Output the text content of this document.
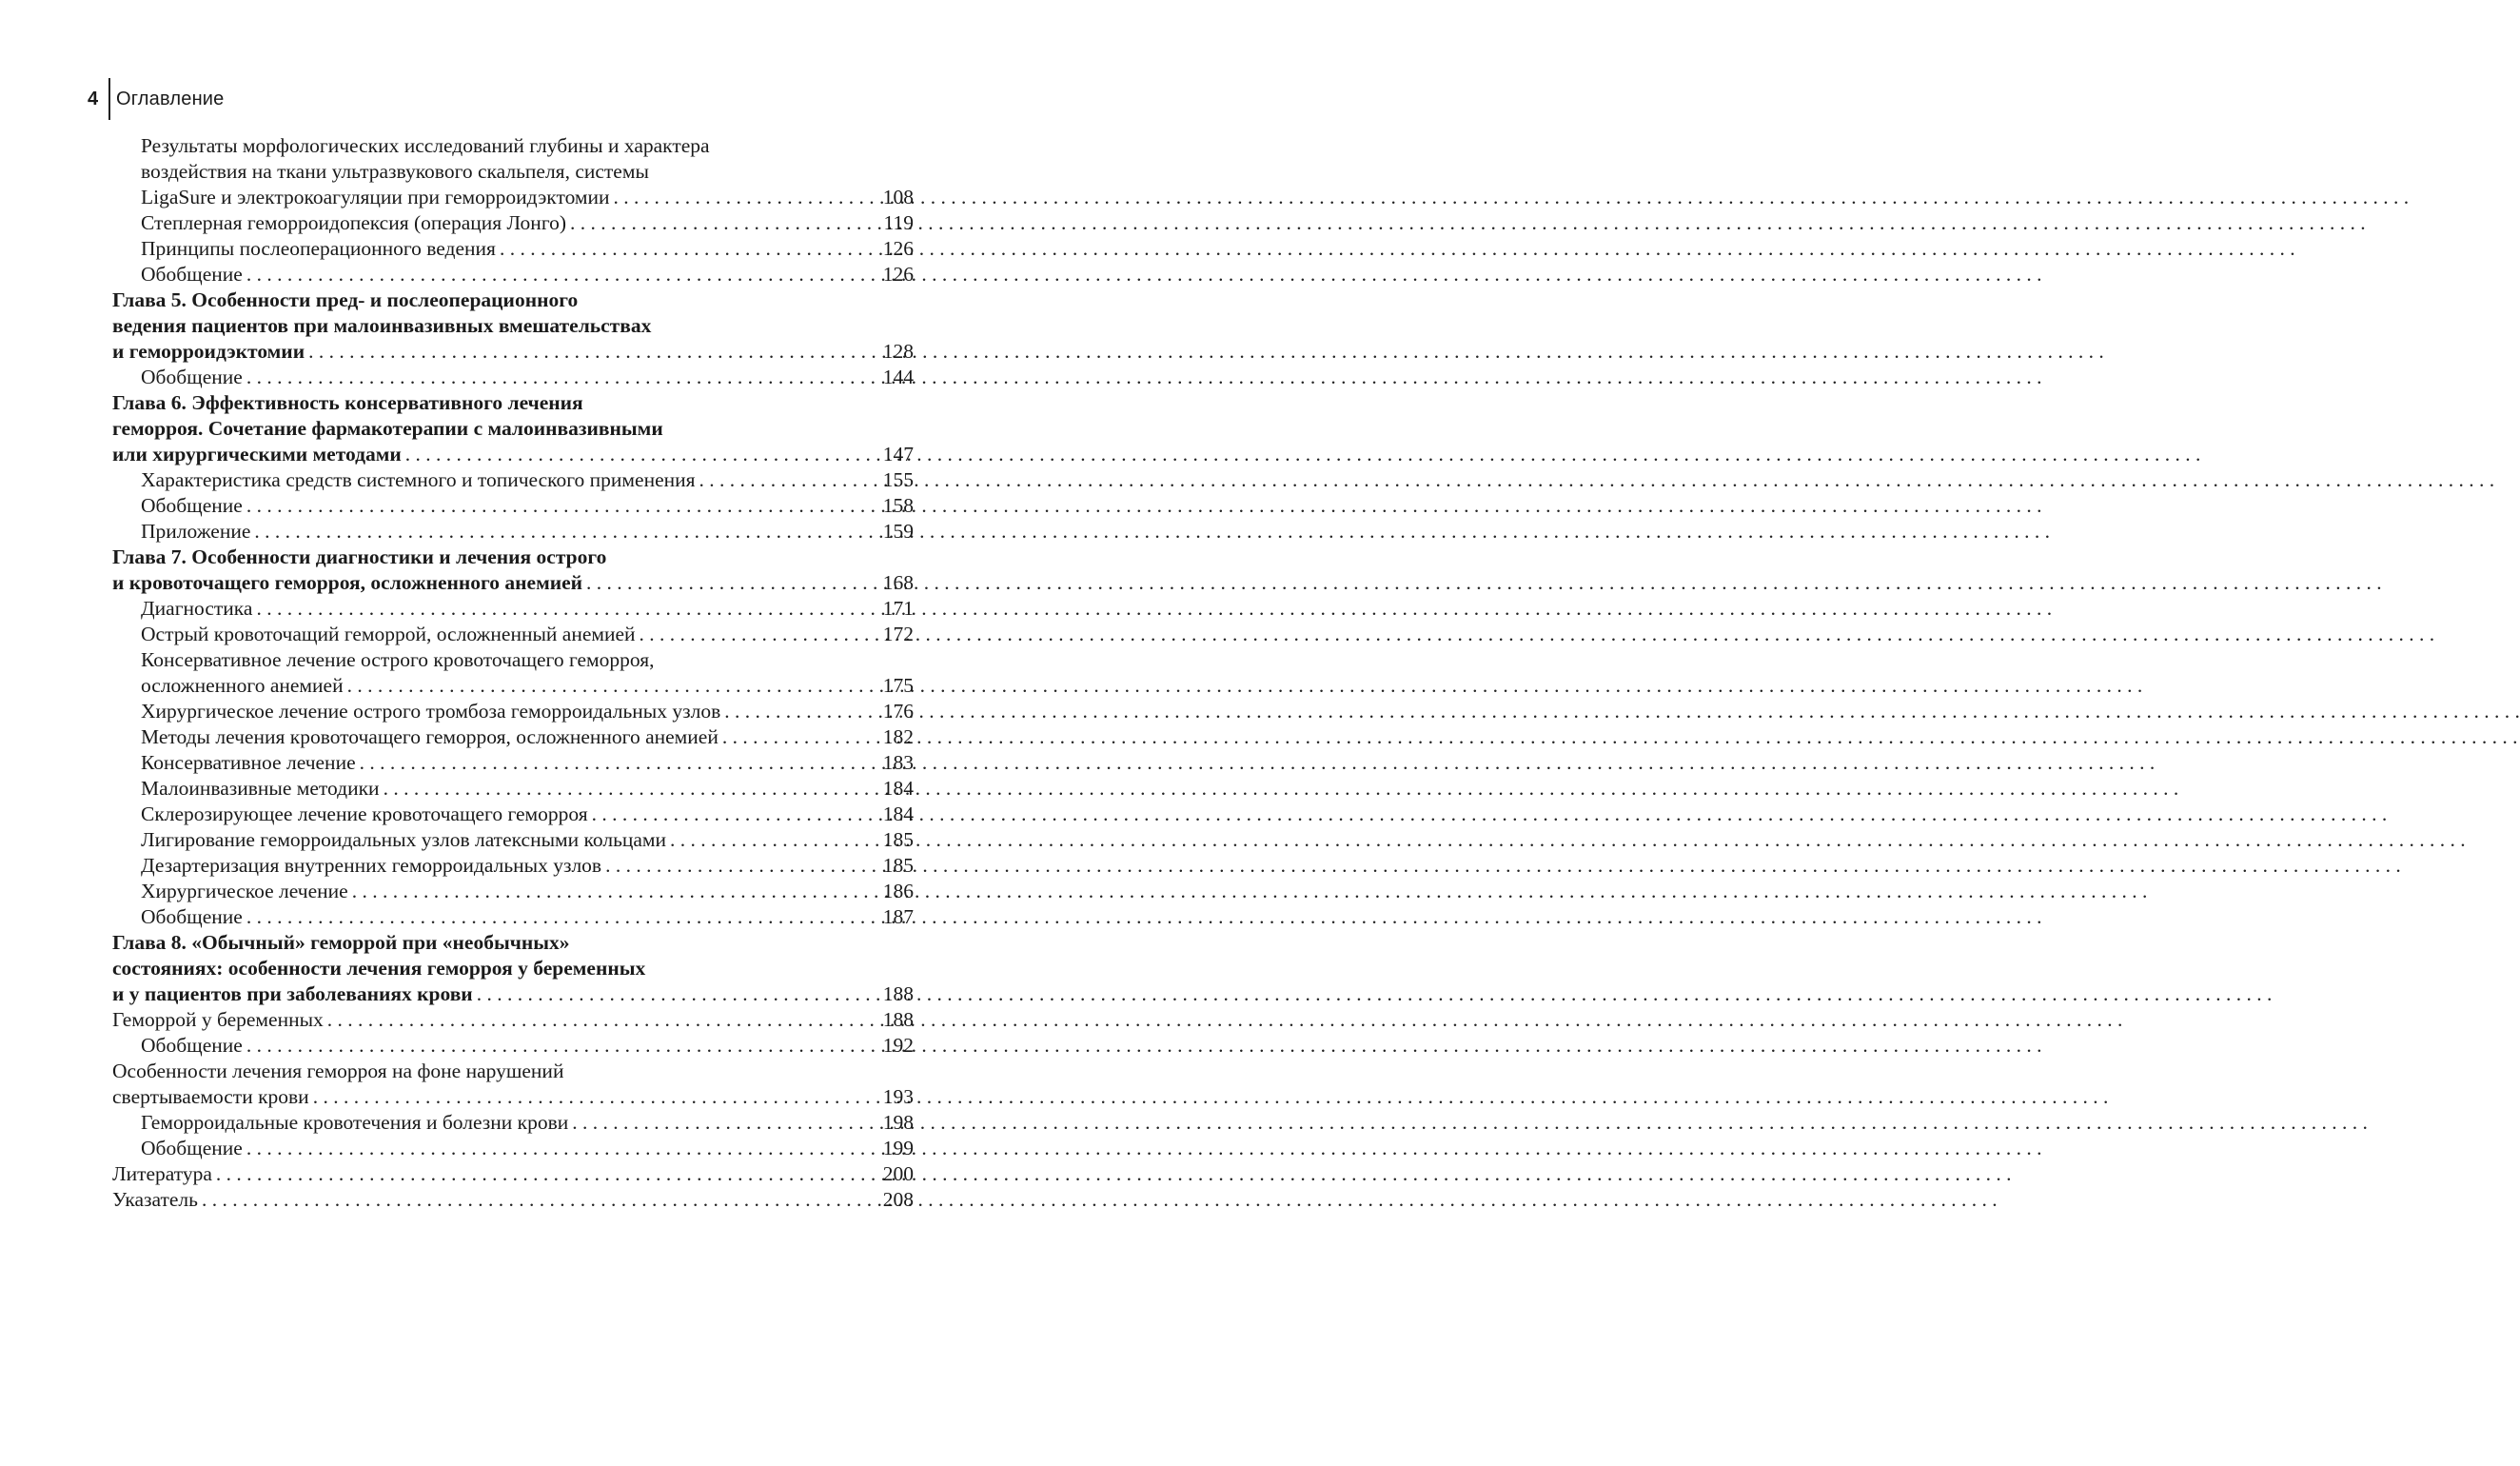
4 Оглавление
Результаты морфологических исследований глубины и характера
воздействия на ткани ультразвукового скальпеля, системы
LigaSure и электрокоагуляции при геморроидэктомии . . .	108
Степлерная геморроидопексия (операция Лонго) . . .	119
Принципы послеоперационного ведения . . .	126
Обобщение . . .	126
Глава 5. Особенности пред- и послеоперационного
ведения пациентов при малоинвазивных вмешательствах
и геморроидэктомии . . .	128
Обобщение . . .	144
Глава 6. Эффективность консервативного лечения
геморроя. Сочетание фармакотерапии с малоинвазивными
или хирургическими методами . . .	147
Характеристика средств системного и топического применения . . .	155
Обобщение . . .	158
Приложение . . .	159
Глава 7. Особенности диагностики и лечения острого
и кровоточащего геморроя, осложненного анемией . . .	168
Диагностика . . .	171
Острый кровоточащий геморрой, осложненный анемией . . .	172
Консервативное лечение острого кровоточащего геморроя,
осложненного анемией . . .	175
Хирургическое лечение острого тромбоза геморроидальных узлов . . .	176
Методы лечения кровоточащего геморроя, осложненного анемией . . .	182
Консервативное лечение . . .	183
Малоинвазивные методики . . .	184
Склерозирующее лечение кровоточащего геморроя . . .	184
Лигирование геморроидальных узлов латексными кольцами . . .	185
Дезартеризация внутренних геморроидальных узлов . . .	185
Хирургическое лечение . . .	186
Обобщение . . .	187
Глава 8. «Обычный» геморрой при «необычных»
состояниях: особенности лечения геморроя у беременных
и у пациентов при заболеваниях крови . . .	188
Геморрой у беременных . . .	188
Обобщение . . .	192
Особенности лечения геморроя на фоне нарушений
свертываемости крови . . .	193
Геморроидальные кровотечения и болезни крови . . .	198
Обобщение . . .	199
Литература . . .	200
Указатель . . .	208
